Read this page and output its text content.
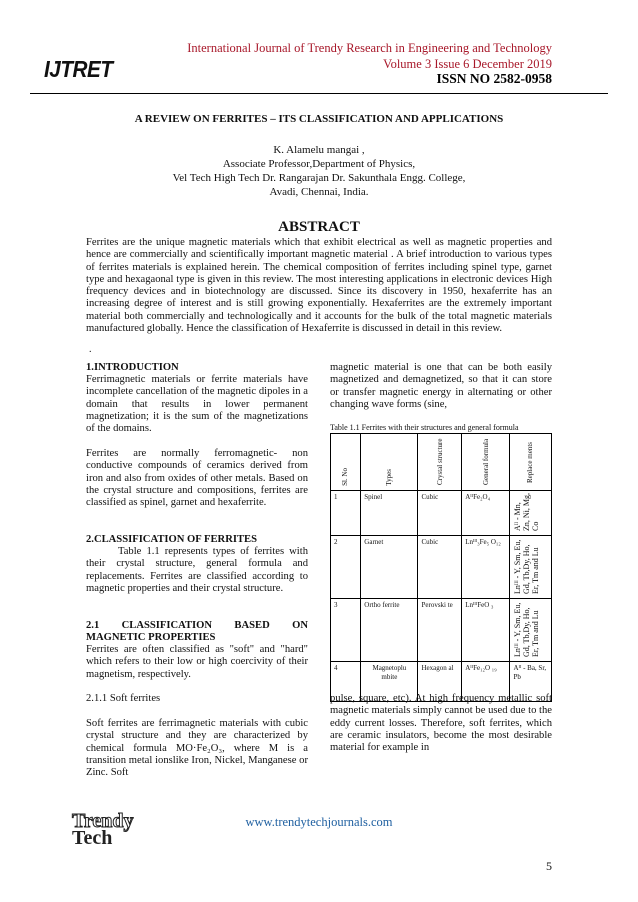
IJTRET
International Journal of Trendy Research in Engineering and Technology
Volume 3 Issue 6 December 2019
ISSN NO 2582-0958
A REVIEW ON FERRITES – ITS CLASSIFICATION AND APPLICATIONS
K. Alamelu mangai ,
Associate Professor,Department of Physics,
Vel Tech High Tech Dr. Rangarajan Dr. Sakunthala Engg. College,
Avadi, Chennai, India.
ABSTRACT
Ferrites are the unique magnetic materials which that exhibit electrical as well as magnetic properties and hence are commercially and scientifically important magnetic material . A brief introduction to various types of ferrites materials is explained herein. The chemical composition of ferrites including spinel type, garnet type and hexagaonal type is given in this review. The most interesting applications in electronic devices High frequency devices and in biotechnology are discussed. Since its discovery in 1950, hexaferrite has an increasing degree of interest and is still growing exponentially. Hexaferrites are the extremely important material both commercially and technologically and it accounts for the bulk of the total magnetic materials manufactured globally. Hence the classification of Hexaferrite is discussed in detail in this review.
.
1.INTRODUCTION
Ferrimagnetic materials or ferrite materials have incomplete cancellation of the magnetic dipoles in a domain that results in lower permanent magnetization; it is the sum of the magnetizations of the domains.
Ferrites are normally ferromagnetic- non conductive compounds of ceramics derived from iron and also from oxides of other metals. Based on the crystal structure and compositions, ferrites are classified as spinel, garnet and hexaferrite.
2.CLASSIFICATION OF FERRITES
Table 1.1 represents types of ferrites with their crystal structure, general formula and replacements. Ferrites are classified according to magnetic properties and their crystal structure.
2.1 CLASSIFICATION BASED ON MAGNETIC PROPERTIES
Ferrites are often classified as "soft" and "hard" which refers to their low or high coercivity of their magnetism, respectively.
2.1.1 Soft ferrites
Soft ferrites are ferrimagnetic materials with cubic crystal structure and they are characterized by chemical formula MO·Fe₂O₃, where M is a transition metal ionslike Iron, Nickel, Manganese or Zinc. Soft
magnetic material is one that can be both easily magnetized and demagnetized, so that it can store or transfer magnetic energy in alternating or other changing wave forms (sine,
Table 1.1 Ferrites with their structures and general formula
Sl. No	Types	Crystal structure	General formula	Replace ments
1	Spinel	Cubic	AᴵᴵFe₂O₄	Aᴵᴵ - Mn, Zn, Ni, Mg, Co
2	Garnet	Cubic	Lnᴵᴵᴵ₃Fe₅ O₁₂	Lnᴵᴵᴵ - Y, Sm, Eu, Gd, Tb,Dy, Ho, Er, Tm and Lu
3	Ortho ferrite	Perovski te	LnᴵᴵᴵFeO ₃	Lnᴵᴵᴵ - Y, Sm, Eu, Gd, Tb,Dy, Ho, Er, Tm and Lu
4	Magnetoplu mbite	Hexagon al	AᴵᴵFe₁₂O ₁₉	Aᴵᴵ - Ba, Sr, Pb
pulse, square, etc). At high frequency metallic soft magnetic materials simply cannot be used due to the eddy current losses. Therefore, soft ferrites, which are ceramic insulators, become the most desirable material for example in
Trendy
Tech
www.trendytechjournals.com
5
